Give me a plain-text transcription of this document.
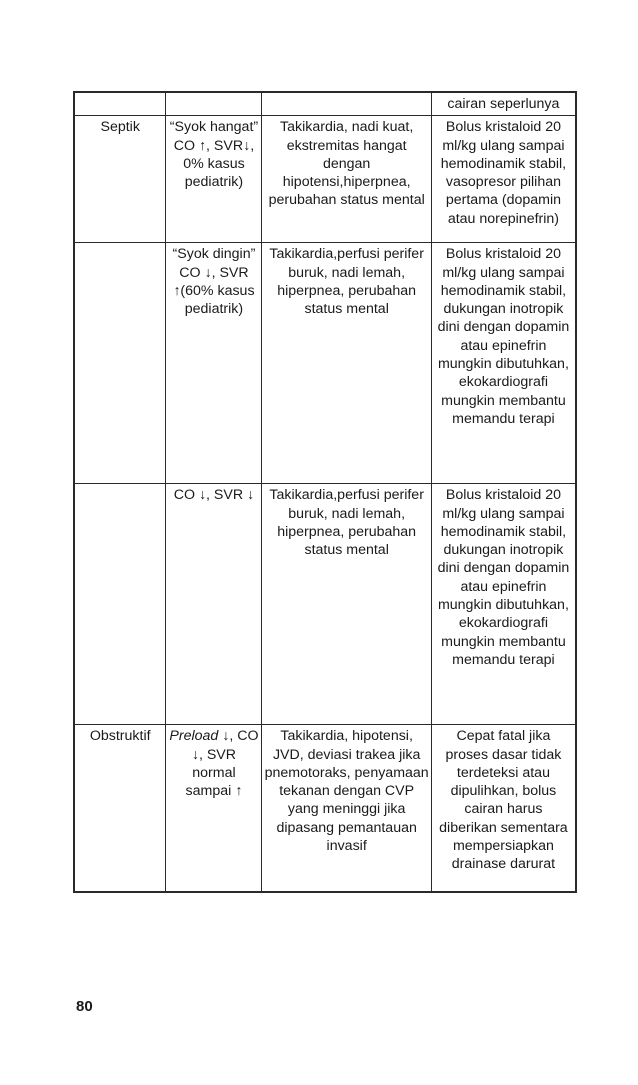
			cairan seperlunya
Septik	“Syok hangat” CO ↑, SVR↓, 0% kasus pediatrik)	Takikardia, nadi kuat, ekstremitas hangat dengan hipotensi,hiperpnea, perubahan status mental	Bolus kristaloid 20 ml/kg ulang sampai hemodinamik stabil, vasopresor pilihan pertama (dopamin atau norepinefrin)
	“Syok dingin” CO ↓, SVR ↑(60% kasus pediatrik)	Takikardia,perfusi perifer buruk, nadi lemah, hiperpnea, perubahan status mental	Bolus kristaloid 20 ml/kg ulang sampai hemodinamik stabil, dukungan inotropik dini dengan dopamin atau epinefrin mungkin dibutuhkan, ekokardiografi mungkin membantu memandu terapi
	CO ↓, SVR ↓	Takikardia,perfusi perifer buruk, nadi lemah, hiperpnea, perubahan status mental	Bolus kristaloid 20 ml/kg ulang sampai hemodinamik stabil, dukungan inotropik dini dengan dopamin atau epinefrin mungkin dibutuhkan, ekokardiografi mungkin membantu memandu terapi
Obstruktif	Preload ↓, CO ↓, SVR normal sampai ↑	Takikardia, hipotensi, JVD, deviasi trakea jika pnemotoraks, penyamaan tekanan dengan CVP yang meninggi jika dipasang pemantauan invasif	Cepat fatal jika proses dasar tidak terdeteksi atau dipulihkan, bolus cairan harus diberikan sementara mempersiapkan drainase darurat
80
